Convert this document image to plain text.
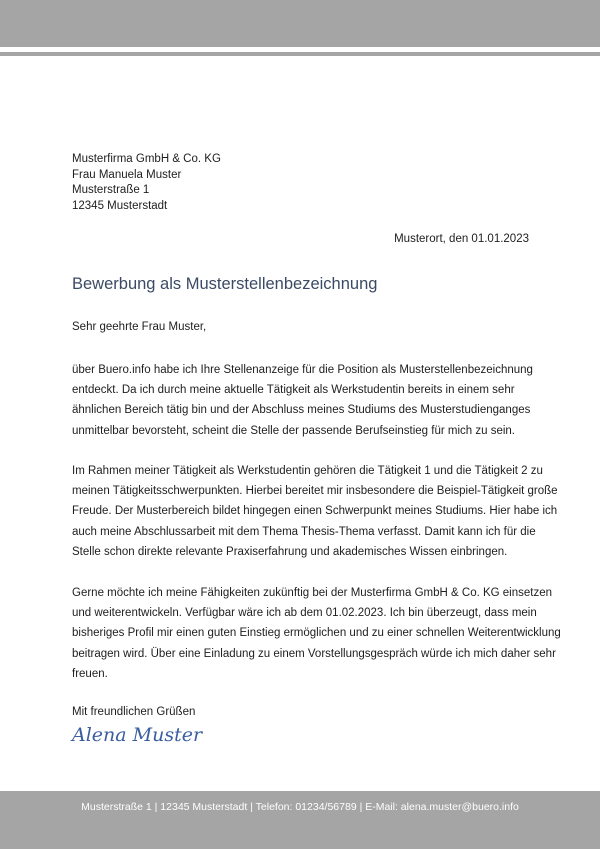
Musterfirma GmbH & Co. KG
Frau Manuela Muster
Musterstraße 1
12345 Musterstadt
Musterort, den 01.01.2023
Bewerbung als Musterstellenbezeichnung
Sehr geehrte Frau Muster,
über Buero.info habe ich Ihre Stellenanzeige für die Position als Musterstellenbezeichnung
entdeckt. Da ich durch meine aktuelle Tätigkeit als Werkstudentin bereits in einem sehr
ähnlichen Bereich tätig bin und der Abschluss meines Studiums des Musterstudienganges
unmittelbar bevorsteht, scheint die Stelle der passende Berufseinstieg für mich zu sein.
Im Rahmen meiner Tätigkeit als Werkstudentin gehören die Tätigkeit 1 und die Tätigkeit 2 zu
meinen Tätigkeitsschwerpunkten. Hierbei bereitet mir insbesondere die Beispiel-Tätigkeit große
Freude. Der Musterbereich bildet hingegen einen Schwerpunkt meines Studiums. Hier habe ich
auch meine Abschlussarbeit mit dem Thema Thesis-Thema verfasst. Damit kann ich für die
Stelle schon direkte relevante Praxiserfahrung und akademisches Wissen einbringen.
Gerne möchte ich meine Fähigkeiten zukünftig bei der Musterfirma GmbH & Co. KG einsetzen
und weiterentwickeln. Verfügbar wäre ich ab dem 01.02.2023. Ich bin überzeugt, dass mein
bisheriges Profil mir einen guten Einstieg ermöglichen und zu einer schnellen Weiterentwicklung
beitragen wird. Über eine Einladung zu einem Vorstellungsgespräch würde ich mich daher sehr
freuen.
Mit freundlichen Grüßen
Alena Muster
Musterstraße 1 | 12345 Musterstadt | Telefon: 01234/56789 | E-Mail: alena.muster@buero.info
